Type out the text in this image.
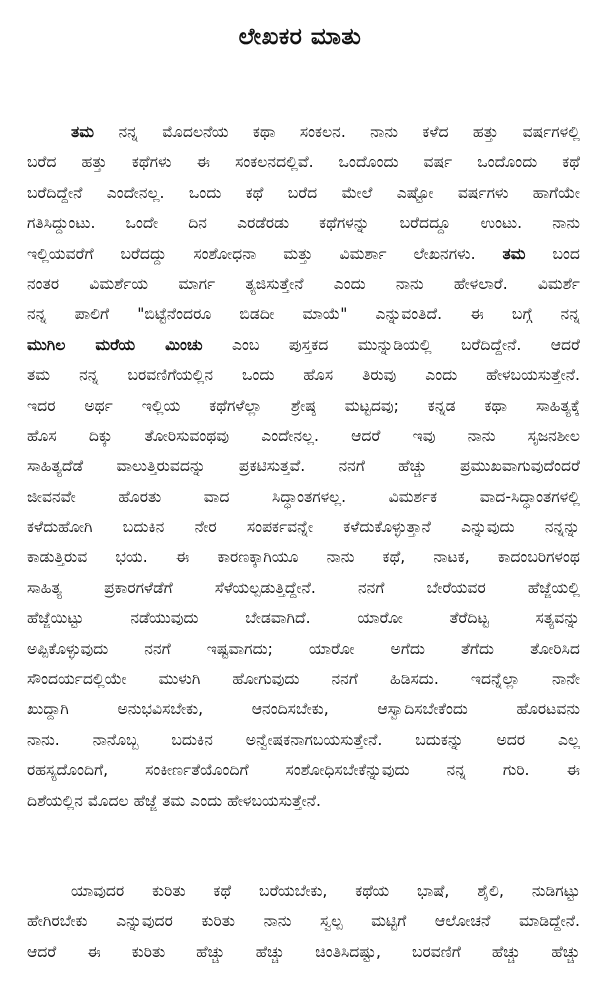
ಲೇಖಕರ ಮಾತು
ತಮ ನನ್ನ ಮೊದಲನೆಯ ಕಥಾ ಸಂಕಲನ. ನಾನು ಕಳೆದ ಹತ್ತು ವರ್ಷಗಳಲ್ಲಿ
ಬರೆದ ಹತ್ತು ಕಥೆಗಳು ಈ ಸಂಕಲನದಲ್ಲಿವೆ. ಒಂದೊಂದು ವರ್ಷ ಒಂದೊಂದು ಕಥೆ
ಬರೆದಿದ್ದೇನೆ ಎಂದೇನಲ್ಲ. ಒಂದು ಕಥೆ ಬರೆದ ಮೇಲೆ ಎಷ್ಟೋ ವರ್ಷಗಳು ಹಾಗೆಯೇ
ಗತಿಸಿದ್ದುಂಟು. ಒಂದೇ ದಿನ ಎರಡೆರಡು ಕಥೆಗಳನ್ನು ಬರೆದದ್ದೂ ಉಂಟು. ನಾನು
ಇಲ್ಲಿಯವರೆಗೆ ಬರೆದದ್ದು ಸಂಶೋಧನಾ ಮತ್ತು ವಿಮರ್ಶಾ ಲೇಖನಗಳು. ತಮ ಬಂದ
ನಂತರ ವಿಮರ್ಶೆಯ ಮಾರ್ಗ ತ್ಯಜಿಸುತ್ತೇನೆ ಎಂದು ನಾನು ಹೇಳಲಾರೆ. ವಿಮರ್ಶೆ
ನನ್ನ ಪಾಲಿಗೆ "ಬಿಟ್ಟೆನೆಂದರೂ ಬಿಡದೀ ಮಾಯೆ" ಎನ್ನುವಂತಿದೆ. ಈ ಬಗ್ಗೆ ನನ್ನ
ಮುಗಿಲ ಮರೆಯ ಮಿಂಚು ಎಂಬ ಪುಸ್ತಕದ ಮುನ್ನುಡಿಯಲ್ಲಿ ಬರೆದಿದ್ದೇನೆ. ಆದರೆ
ತಮ ನನ್ನ ಬರವಣಿಗೆಯಲ್ಲಿನ ಒಂದು ಹೊಸ ತಿರುವು ಎಂದು ಹೇಳಬಯಸುತ್ತೇನೆ.
ಇದರ ಅರ್ಥ ಇಲ್ಲಿಯ ಕಥೆಗಳೆಲ್ಲಾ ಶ್ರೇಷ್ಠ ಮಟ್ಟದವು; ಕನ್ನಡ ಕಥಾ ಸಾಹಿತ್ಯಕ್ಕೆ
ಹೊಸ ದಿಕ್ಕು ತೋರಿಸುವಂಥವು ಎಂದೇನಲ್ಲ. ಆದರೆ ಇವು ನಾನು ಸೃಜನಶೀಲ
ಸಾಹಿತ್ಯದೆಡೆ ವಾಲುತ್ತಿರುವದನ್ನು ಪ್ರಕಟಿಸುತ್ತವೆ. ನನಗೆ ಹೆಚ್ಚು ಪ್ರಮುಖವಾಗುವುದೆಂದರೆ
ಜೀವನವೇ ಹೊರತು ವಾದ ಸಿದ್ಧಾಂತಗಳಲ್ಲ. ವಿಮರ್ಶಕ ವಾದ-ಸಿದ್ಧಾಂತಗಳಲ್ಲಿ
ಕಳೆದುಹೋಗಿ ಬದುಕಿನ ನೇರ ಸಂಪರ್ಕವನ್ನೇ ಕಳೆದುಕೊಳ್ಳುತ್ತಾನೆ ಎನ್ನುವುದು ನನ್ನನ್ನು
ಕಾಡುತ್ತಿರುವ ಭಯ. ಈ ಕಾರಣಕ್ಕಾಗಿಯೂ ನಾನು ಕಥೆ, ನಾಟಕ, ಕಾದಂಬರಿಗಳಂಥ
ಸಾಹಿತ್ಯ ಪ್ರಕಾರಗಳೆಡೆಗೆ ಸೆಳೆಯಲ್ಪಡುತ್ತಿದ್ದೇನೆ. ನನಗೆ ಬೇರೆಯವರ ಹೆಜ್ಜೆಯಲ್ಲಿ
ಹೆಜ್ಜೆಯಿಟ್ಟು ನಡೆಯುವುದು ಬೇಡವಾಗಿದೆ. ಯಾರೋ ತೆರೆದಿಟ್ಟ ಸತ್ಯವನ್ನು
ಅಪ್ಪಿಕೊಳ್ಳುವುದು ನನಗೆ ಇಷ್ಟವಾಗದು; ಯಾರೋ ಅಗೆದು ತೆಗೆದು ತೋರಿಸಿದ
ಸೌಂದರ್ಯದಲ್ಲಿಯೇ ಮುಳುಗಿ ಹೋಗುವುದು ನನಗೆ ಹಿಡಿಸದು. ಇದನ್ನೆಲ್ಲಾ ನಾನೇ
ಖುದ್ದಾಗಿ ಅನುಭವಿಸಬೇಕು, ಆನಂದಿಸಬೇಕು, ಆಸ್ವಾದಿಸಬೇಕೆಂದು ಹೊರಟವನು
ನಾನು. ನಾನೊಬ್ಬ ಬದುಕಿನ ಅನ್ವೇಷಕನಾಗಬಯಸುತ್ತೇನೆ. ಬದುಕನ್ನು ಅದರ ಎಲ್ಲ
ರಹಸ್ಯದೊಂದಿಗೆ, ಸಂಕೀರ್ಣತೆಯೊಂದಿಗೆ ಸಂಶೋಧಿಸಬೇಕೆನ್ನುವುದು ನನ್ನ ಗುರಿ. ಈ
ದಿಶೆಯಲ್ಲಿನ ಮೊದಲ ಹೆಜ್ಜೆ ತಮ ಎಂದು ಹೇಳಬಯಸುತ್ತೇನೆ.
ಯಾವುದರ ಕುರಿತು ಕಥೆ ಬರೆಯಬೇಕು, ಕಥೆಯ ಭಾಷೆ, ಶೈಲಿ, ನುಡಿಗಟ್ಟು
ಹೇಗಿರಬೇಕು ಎನ್ನುವುದರ ಕುರಿತು ನಾನು ಸ್ವಲ್ಪ ಮಟ್ಟಿಗೆ ಆಲೋಚನೆ ಮಾಡಿದ್ದೇನೆ.
ಆದರೆ ಈ ಕುರಿತು ಹೆಚ್ಚು ಹೆಚ್ಚು ಚಿಂತಿಸಿದಷ್ಟು, ಬರವಣಿಗೆ ಹೆಚ್ಚು ಹೆಚ್ಚು
